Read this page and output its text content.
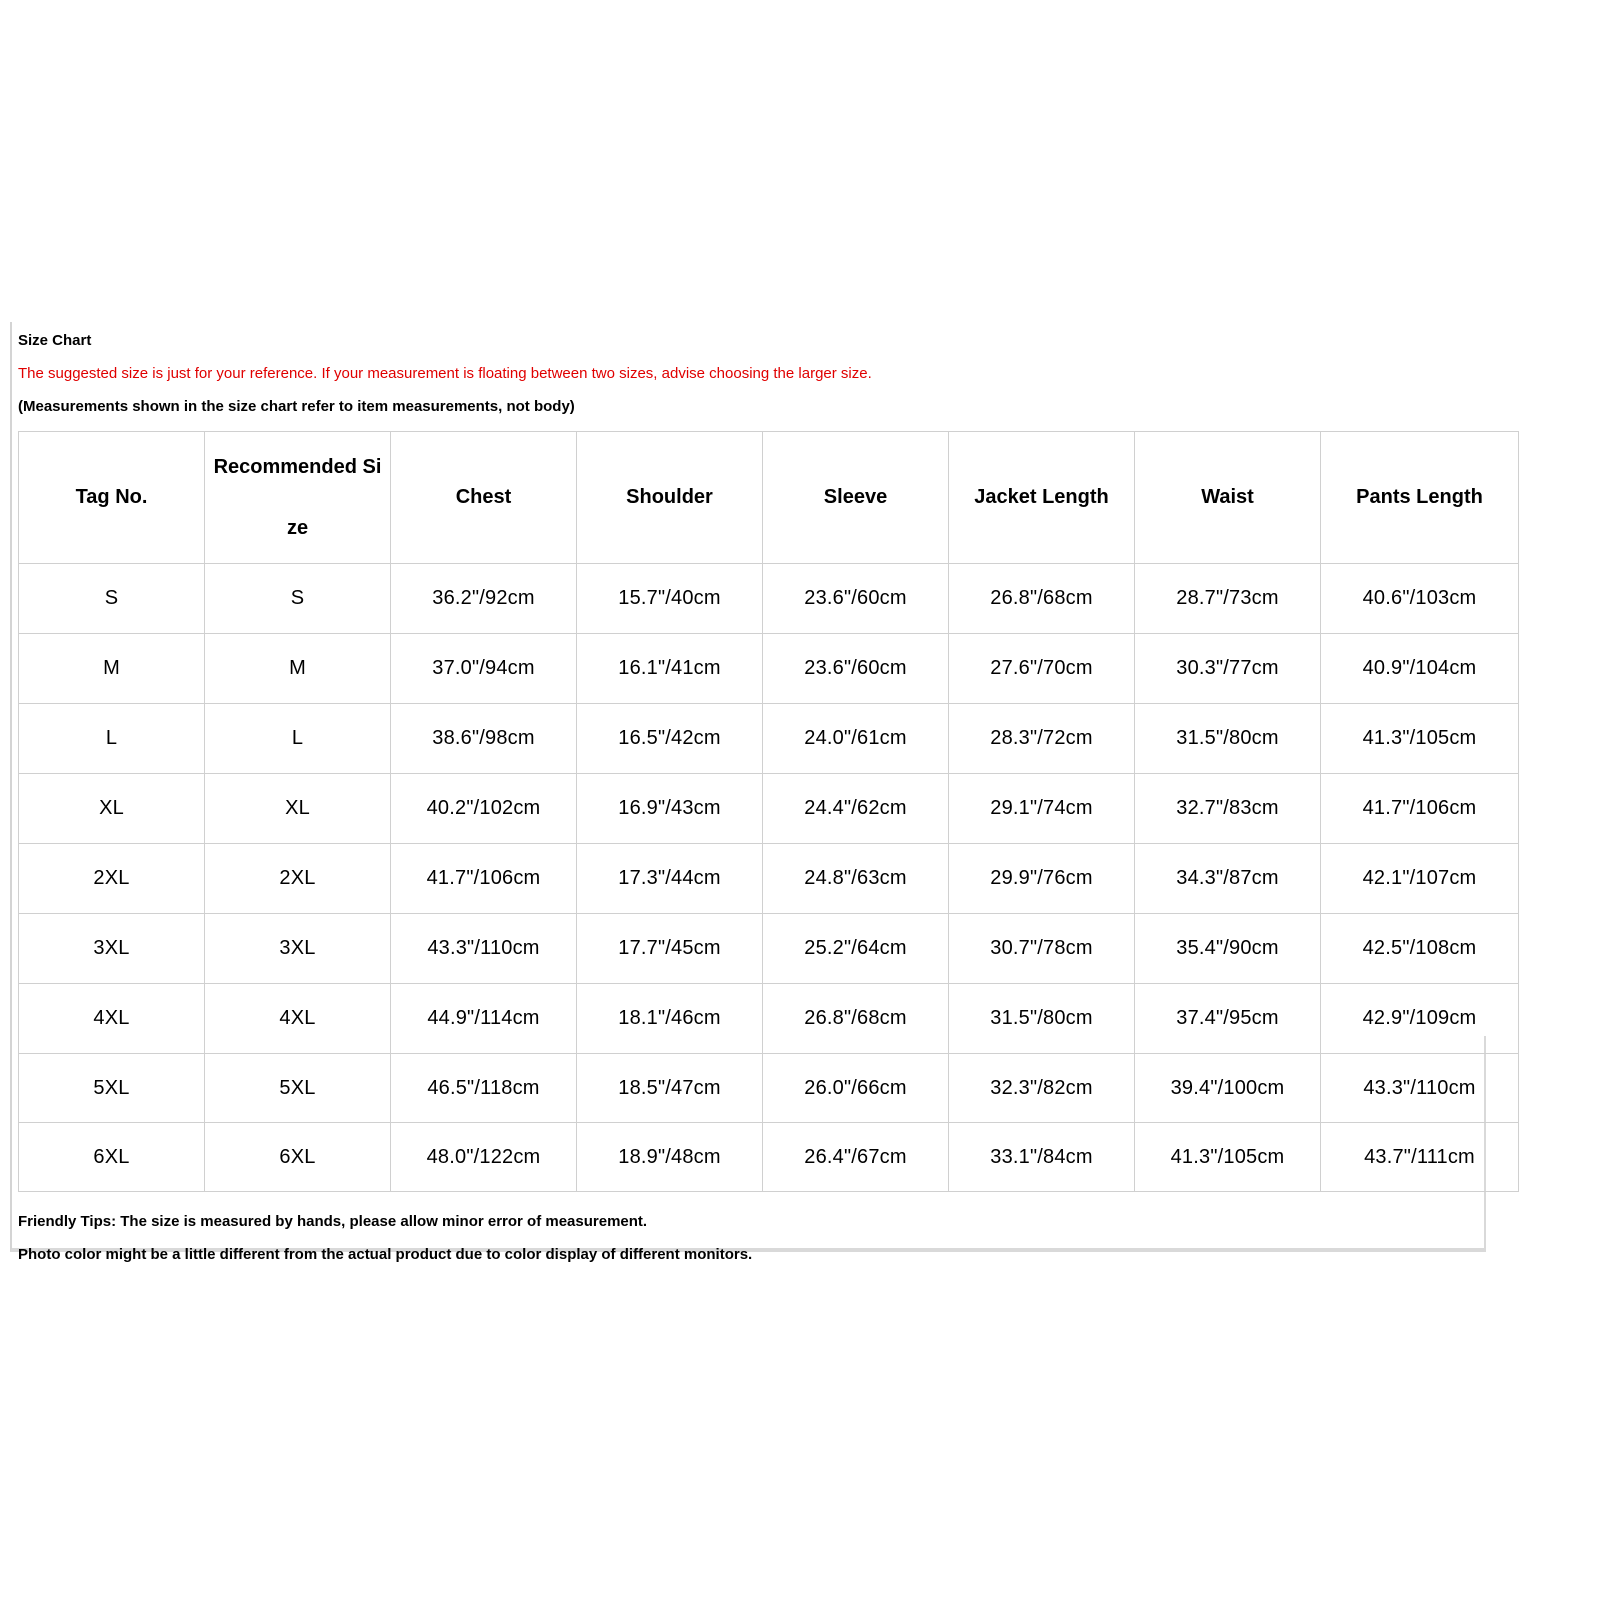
Size Chart
The suggested size is just for your reference. If your measurement is floating between two sizes, advise choosing the larger size.
(Measurements shown in the size chart refer to item measurements, not body)
Tag No.	Recommended Size	Chest	Shoulder	Sleeve	Jacket Length	Waist	Pants Length
S	S	36.2"/92cm	15.7"/40cm	23.6"/60cm	26.8"/68cm	28.7"/73cm	40.6"/103cm
M	M	37.0"/94cm	16.1"/41cm	23.6"/60cm	27.6"/70cm	30.3"/77cm	40.9"/104cm
L	L	38.6"/98cm	16.5"/42cm	24.0"/61cm	28.3"/72cm	31.5"/80cm	41.3"/105cm
XL	XL	40.2"/102cm	16.9"/43cm	24.4"/62cm	29.1"/74cm	32.7"/83cm	41.7"/106cm
2XL	2XL	41.7"/106cm	17.3"/44cm	24.8"/63cm	29.9"/76cm	34.3"/87cm	42.1"/107cm
3XL	3XL	43.3"/110cm	17.7"/45cm	25.2"/64cm	30.7"/78cm	35.4"/90cm	42.5"/108cm
4XL	4XL	44.9"/114cm	18.1"/46cm	26.8"/68cm	31.5"/80cm	37.4"/95cm	42.9"/109cm
5XL	5XL	46.5"/118cm	18.5"/47cm	26.0"/66cm	32.3"/82cm	39.4"/100cm	43.3"/110cm
6XL	6XL	48.0"/122cm	18.9"/48cm	26.4"/67cm	33.1"/84cm	41.3"/105cm	43.7"/111cm
Friendly Tips: The size is measured by hands, please allow minor error of measurement.
Photo color might be a little different from the actual product due to color display of different monitors.
